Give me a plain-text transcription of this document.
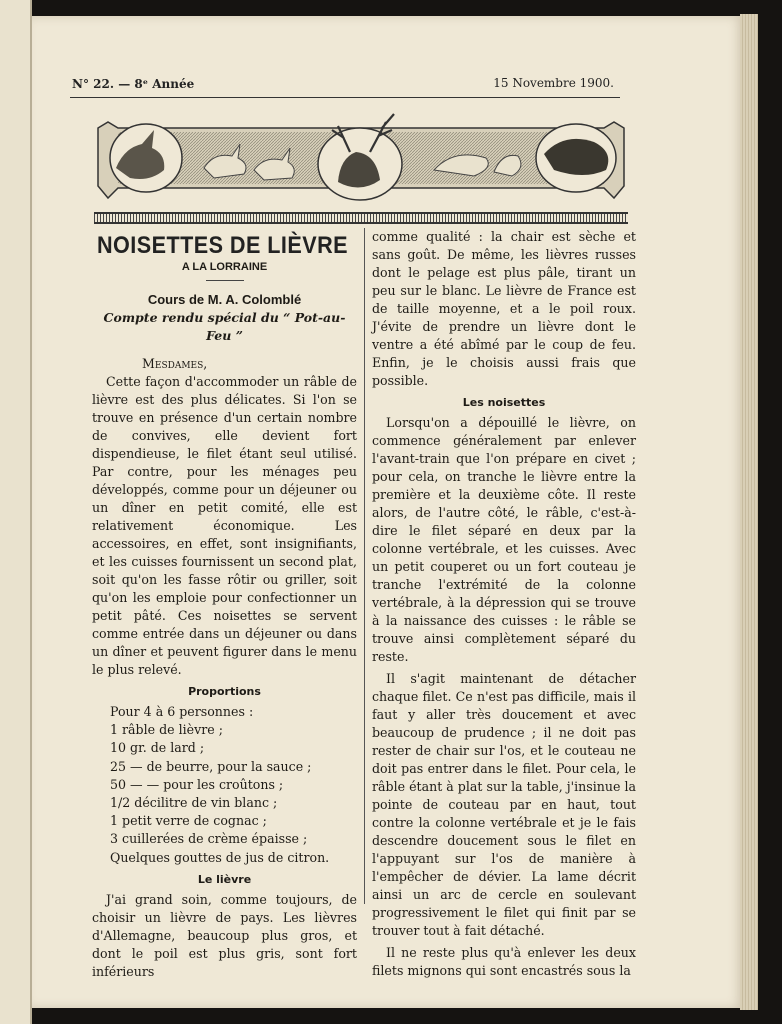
N° 22. — 8ᵉ Année	15 Novembre 1900.
NOISETTES DE LIÈVRE
A LA LORRAINE
Cours de M. A. Colomblé
Compte rendu spécial du “ Pot-au-Feu ”
Mesdames,

Cette façon d'accommoder un râble de lièvre est des plus délicates. Si l'on se trouve en présence d'un certain nombre de convives, elle devient fort dispendieuse, le filet étant seul utilisé. Par contre, pour les ménages peu développés, comme pour un déjeuner ou un dîner en petit comité, elle est relativement économique. Les accessoires, en effet, sont insignifiants, et les cuisses fournissent un second plat, soit qu'on les fasse rôtir ou griller, soit qu'on les emploie pour confectionner un petit pâté. Ces noisettes se servent comme entrée dans un déjeuner ou dans un dîner et peuvent figurer dans le menu le plus relevé.

Proportions
Pour 4 à 6 personnes :
1 râble de lièvre ;
10 gr. de lard ;
25 — de beurre, pour la sauce ;
50 — — pour les croûtons ;
1/2 décilitre de vin blanc ;
1 petit verre de cognac ;
3 cuillerées de crème épaisse ;
Quelques gouttes de jus de citron.
Le lièvre

J'ai grand soin, comme toujours, de choisir un lièvre de pays. Les lièvres d'Allemagne, beaucoup plus gros, et dont le poil est plus gris, sont fort inférieurs

comme qualité : la chair est sèche et sans goût. De même, les lièvres russes dont le pelage est plus pâle, tirant un peu sur le blanc. Le lièvre de France est de taille moyenne, et a le poil roux. J'évite de prendre un lièvre dont le ventre a été abîmé par le coup de feu. Enfin, je le choisis aussi frais que possible.

Les noisettes

Lorsqu'on a dépouillé le lièvre, on commence généralement par enlever l'avant-train que l'on prépare en civet ; pour cela, on tranche le lièvre entre la première et la deuxième côte. Il reste alors, de l'autre côté, le râble, c'est-à-dire le filet séparé en deux par la colonne vertébrale, et les cuisses. Avec un petit couperet ou un fort couteau je tranche l'extrémité de la colonne vertébrale, à la dépression qui se trouve à la naissance des cuisses : le râble se trouve ainsi complètement séparé du reste.

Il s'agit maintenant de détacher chaque filet. Ce n'est pas difficile, mais il faut y aller très doucement et avec beaucoup de prudence ; il ne doit pas rester de chair sur l'os, et le couteau ne doit pas entrer dans le filet. Pour cela, le râble étant à plat sur la table, j'insinue la pointe de couteau par en haut, tout contre la colonne vertébrale et je le fais descendre doucement sous le filet en l'appuyant sur l'os de manière à l'empêcher de dévier. La lame décrit ainsi un arc de cercle en soulevant progressivement le filet qui finit par se trouver tout à fait détaché.

Il ne reste plus qu'à enlever les deux filets mignons qui sont encastrés sous la
